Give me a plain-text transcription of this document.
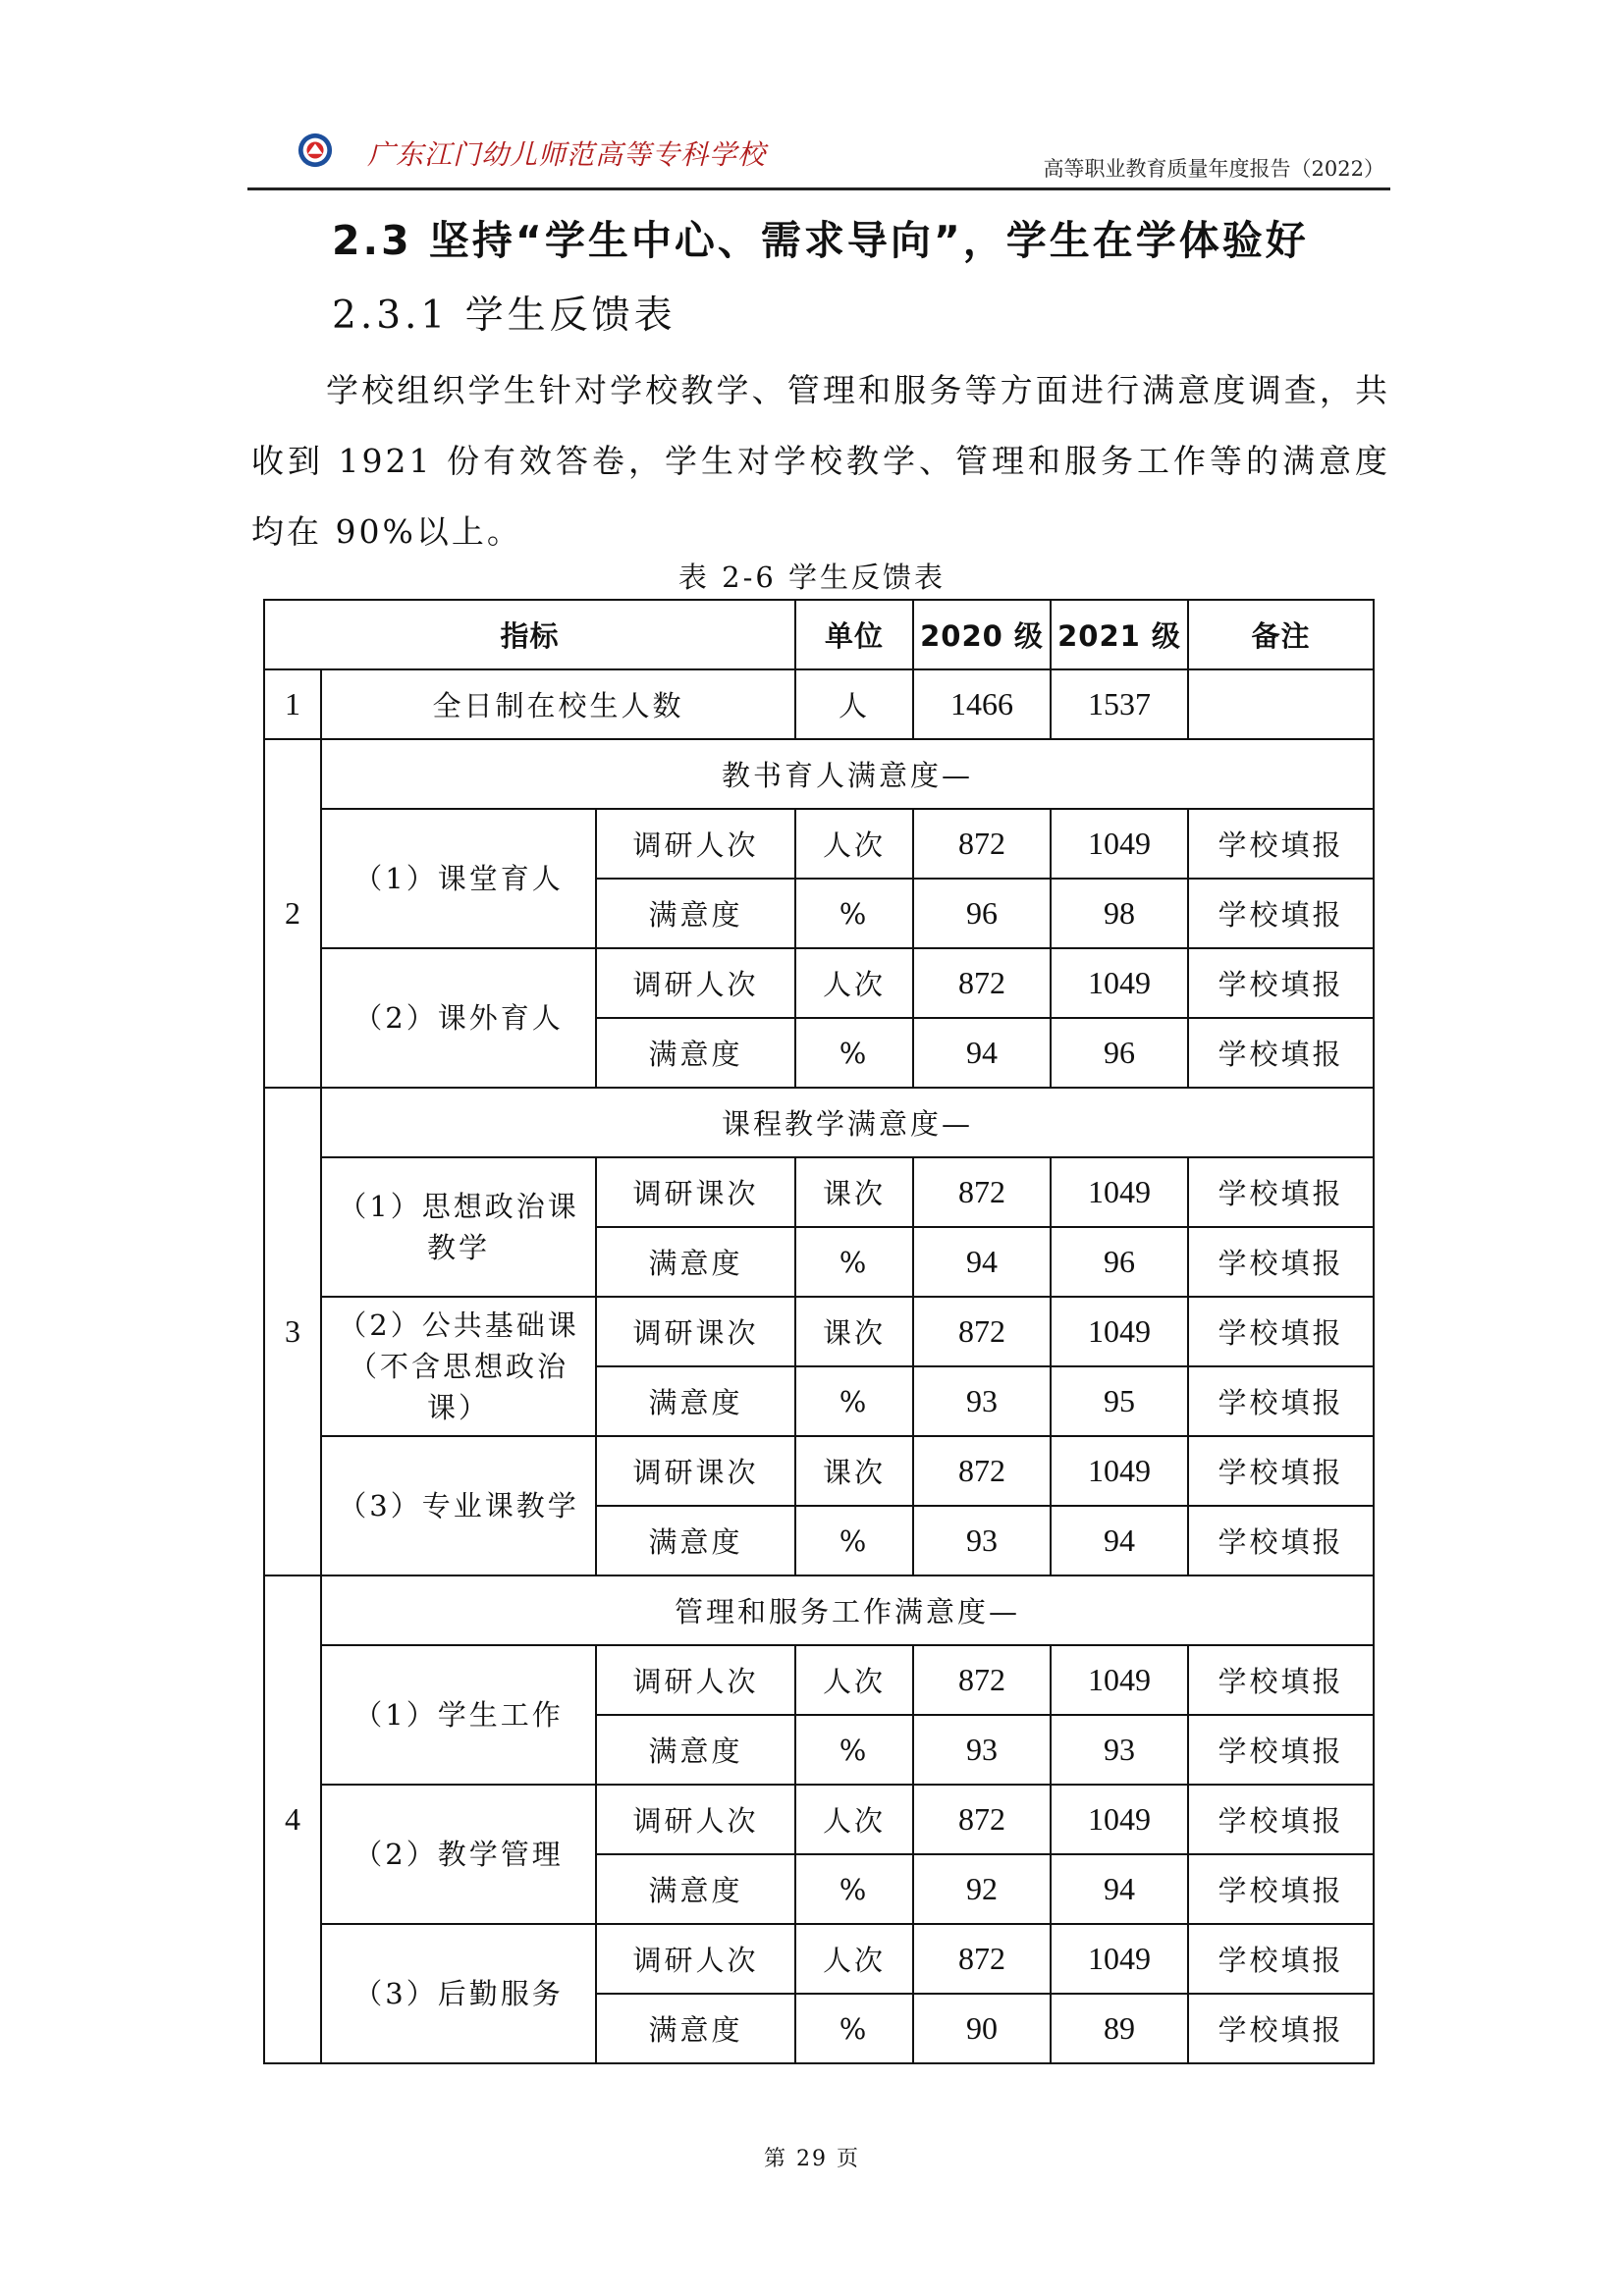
广东江门幼儿师范高等专科学校	高等职业教育质量年度报告（2022）
2.3 坚持“学生中心、需求导向”，学生在学体验好
2.3.1 学生反馈表

学校组织学生针对学校教学、管理和服务等方面进行满意度调查，共收到 1921 份有效答卷，学生对学校教学、管理和服务工作等的满意度均在 90%以上。

表 2-6 学生反馈表
指标			单位	2020 级	2021 级	备注
1	全日制在校生人数		人	1466	1537	
2	教书育人满意度—					
	（1）课堂育人	调研人次	人次	872	1049	学校填报
		满意度	%	96	98	学校填报
	（2）课外育人	调研人次	人次	872	1049	学校填报
		满意度	%	94	96	学校填报
3	课程教学满意度—					
	（1）思想政治课教学	调研课次	课次	872	1049	学校填报
		满意度	%	94	96	学校填报
	（2）公共基础课（不含思想政治课）	调研课次	课次	872	1049	学校填报
		满意度	%	93	95	学校填报
	（3）专业课教学	调研课次	课次	872	1049	学校填报
		满意度	%	93	94	学校填报
4	管理和服务工作满意度—					
	（1）学生工作	调研人次	人次	872	1049	学校填报
		满意度	%	93	93	学校填报
	（2）教学管理	调研人次	人次	872	1049	学校填报
		满意度	%	92	94	学校填报
	（3）后勤服务	调研人次	人次	872	1049	学校填报
		满意度	%	90	89	学校填报
第 29 页
